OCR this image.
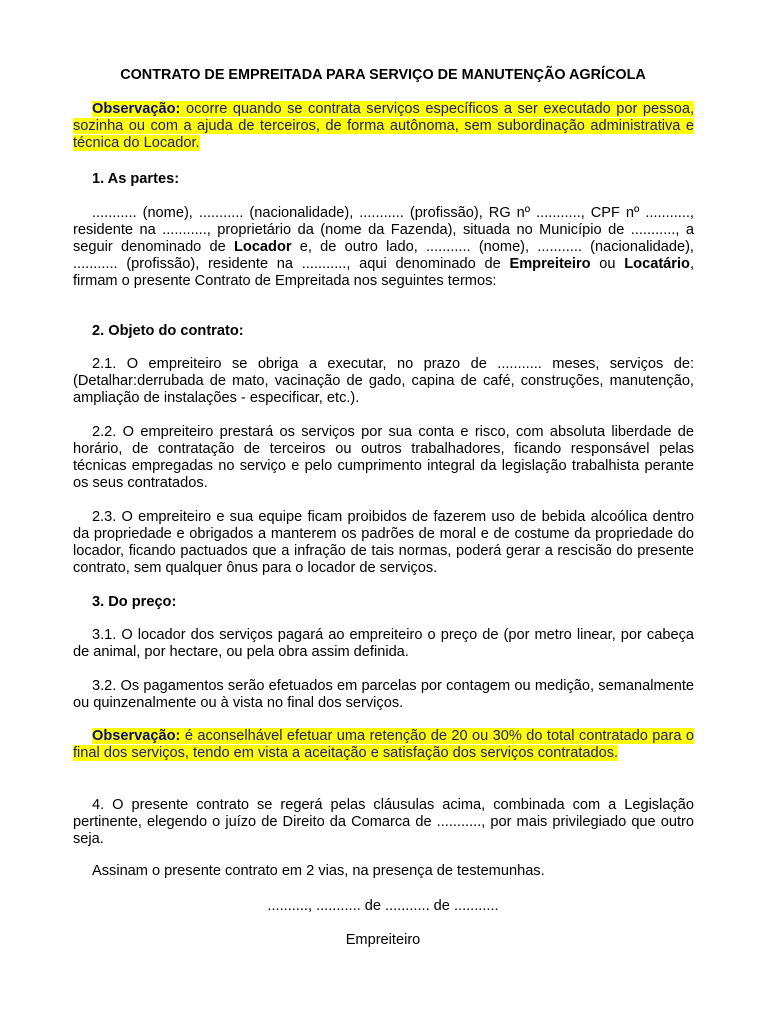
CONTRATO DE EMPREITADA PARA SERVIÇO DE MANUTENÇÃO AGRÍCOLA
Observação: ocorre quando se contrata serviços específicos a ser executado por pessoa, sozinha ou com a ajuda de terceiros, de forma autônoma, sem subordinação administrativa e técnica do Locador.
1. As partes:
........... (nome), ........... (nacionalidade), ........... (profissão), RG nº ..........., CPF nº ..........., residente na ..........., proprietário da (nome da Fazenda), situada no Município de ..........., a seguir denominado de Locador e, de outro lado, ........... (nome), ........... (nacionalidade), ........... (profissão), residente na ..........., aqui denominado de Empreiteiro ou Locatário, firmam o presente Contrato de Empreitada nos seguintes termos:
2. Objeto do contrato:
2.1. O empreiteiro se obriga a executar, no prazo de ........... meses, serviços de: (Detalhar:derrubada de mato, vacinação de gado, capina de café, construções, manutenção, ampliação de instalações - especificar, etc.).
2.2. O empreiteiro prestará os serviços por sua conta e risco, com absoluta liberdade de horário, de contratação de terceiros ou outros trabalhadores, ficando responsável pelas técnicas empregadas no serviço e pelo cumprimento integral da legislação trabalhista perante os seus contratados.
2.3. O empreiteiro e sua equipe ficam proibidos de fazerem uso de bebida alcoólica dentro da propriedade e obrigados a manterem os padrões de moral e de costume da propriedade do locador, ficando pactuados que a infração de tais normas, poderá gerar a rescisão do presente contrato, sem qualquer ônus para o locador de serviços.
3. Do preço:
3.1. O locador dos serviços pagará ao empreiteiro o preço de (por metro linear, por cabeça de animal, por hectare, ou pela obra assim definida.
3.2. Os pagamentos serão efetuados em parcelas por contagem ou medição, semanalmente ou quinzenalmente ou à vista no final dos serviços.
Observação: é aconselhável efetuar uma retenção de 20 ou 30% do total contratado para o final dos serviços, tendo em vista a aceitação e satisfação dos serviços contratados.
4. O presente contrato se regerá pelas cláusulas acima, combinada com a Legislação pertinente, elegendo o juízo de Direito da Comarca de ..........., por mais privilegiado que outro seja.
Assinam o presente contrato em 2 vias, na presença de testemunhas.
.........., ........... de ........... de ...........
Empreiteiro
